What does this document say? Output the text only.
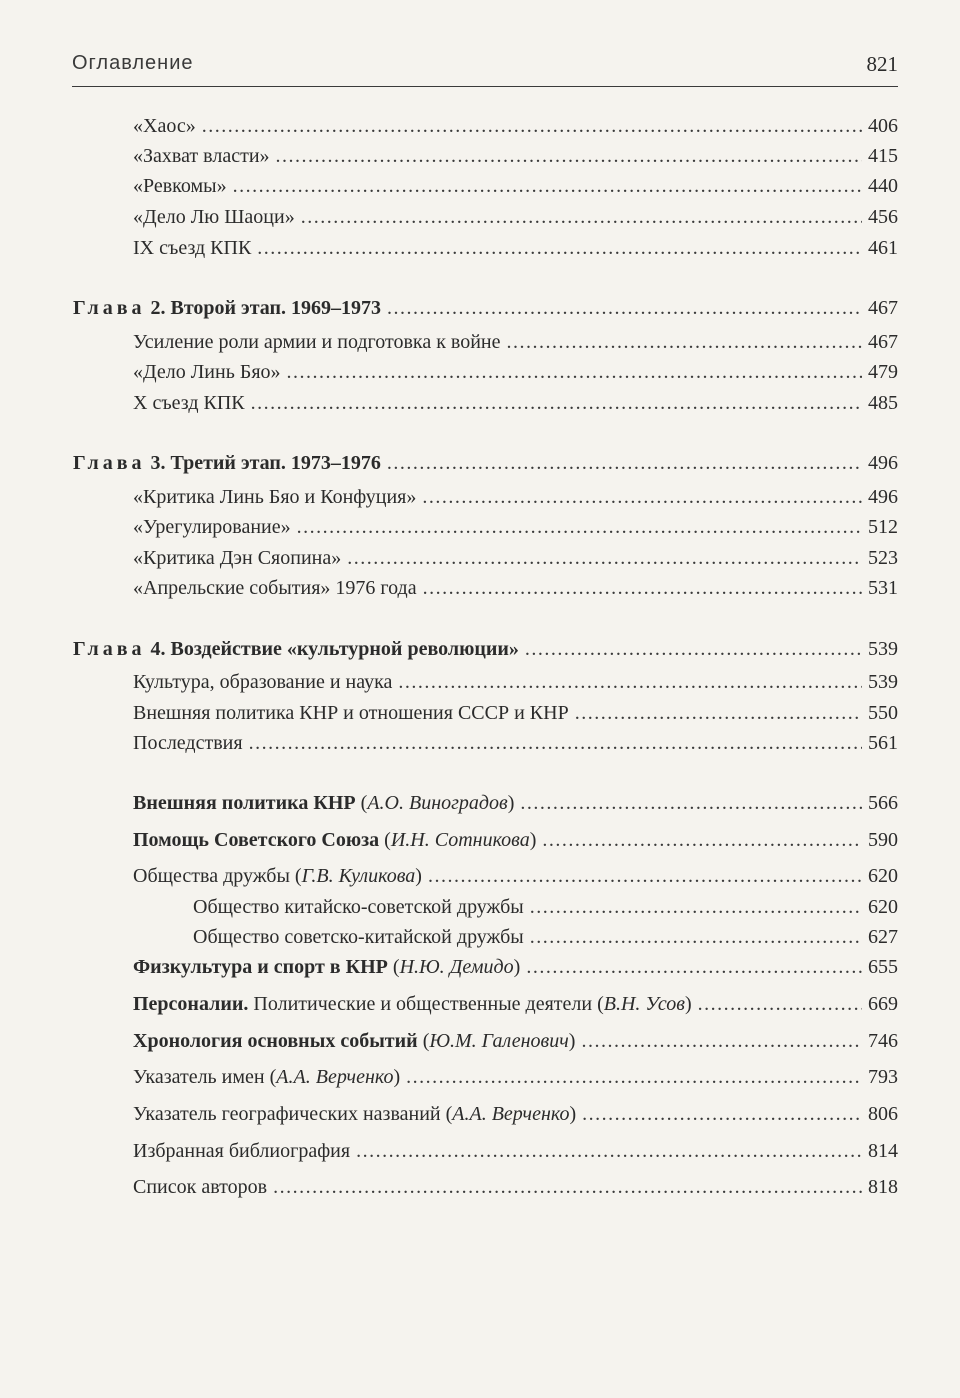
Оглавление	821
«Хаос» .....	406
«Захват власти» .....	415
«Ревкомы» .....	440
«Дело Лю Шаоци» .....	456
IX съезд КПК .....	461
Глава 2. Второй этап. 1969–1973 .....	467
Усиление роли армии и подготовка к войне .....	467
«Дело Линь Бяо» .....	479
X съезд КПК .....	485
Глава 3. Третий этап. 1973–1976 .....	496
«Критика Линь Бяо и Конфуция» .....	496
«Урегулирование» .....	512
«Критика Дэн Сяопина» .....	523
«Апрельские события» 1976 года .....	531
Глава 4. Воздействие «культурной революции» .....	539
Культура, образование и наука .....	539
Внешняя политика КНР и отношения СССР и КНР .....	550
Последствия .....	561
Внешняя политика КНР (А.О. Виноградов) .....	566
Помощь Советского Союза (И.Н. Сотникова) .....	590
Общества дружбы (Г.В. Куликова) .....	620
Общество китайско-советской дружбы .....	620
Общество советско-китайской дружбы .....	627
Физкультура и спорт в КНР (Н.Ю. Демидо) .....	655
Персоналии. Политические и общественные деятели (В.Н. Усов) .....	669
Хронология основных событий (Ю.М. Галенович) .....	746
Указатель имен (А.А. Верченко) .....	793
Указатель географических названий (А.А. Верченко) .....	806
Избранная библиография .....	814
Список авторов .....	818
